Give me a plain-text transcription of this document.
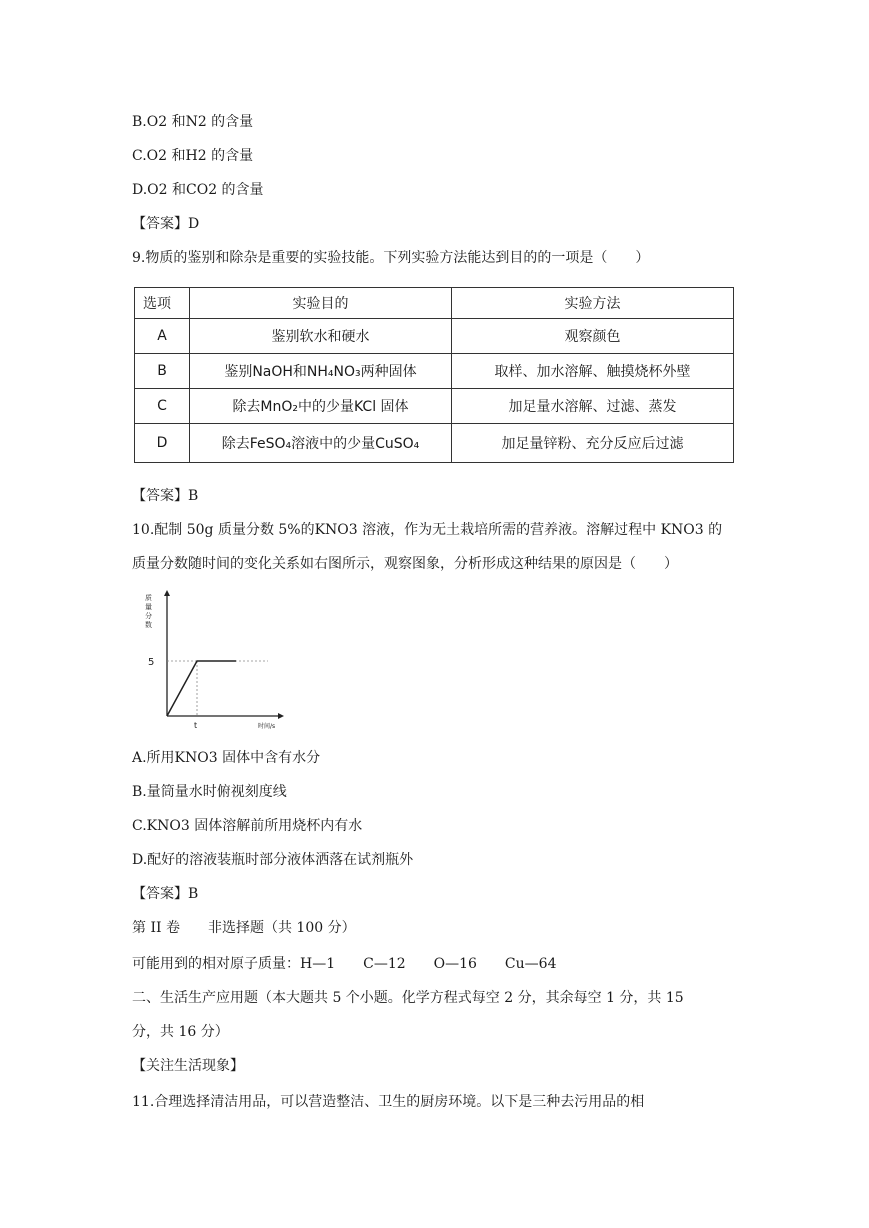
B.O2 和N2 的含量
C.O2 和H2 的含量
D.O2 和CO2 的含量
【答案】D
9.物质的鉴别和除杂是重要的实验技能。下列实验方法能达到目的的一项是（　　）
选项	实验目的	实验方法
A	鉴别软水和硬水	观察颜色
B	鉴别NaOH和NH₄NO₃两种固体	取样、加水溶解、触摸烧杯外壁
C	除去MnO₂中的少量KCl 固体	加足量水溶解、过滤、蒸发
D	除去FeSO₄溶液中的少量CuSO₄	加足量锌粉、充分反应后过滤
【答案】B
10.配制 50g 质量分数 5%的KNO3 溶液，作为无土栽培所需的营养液。溶解过程中 KNO3 的
质量分数随时间的变化关系如右图所示，观察图象，分析形成这种结果的原因是（　　）
5
t	时间/s
质
量
分
数
A.所用KNO3 固体中含有水分
B.量筒量水时俯视刻度线
C.KNO3 固体溶解前所用烧杯内有水
D.配好的溶液装瓶时部分液体洒落在试剂瓶外
【答案】B
第 II 卷　　非选择题（共 100 分）
可能用到的相对原子质量：H—1　　C—12　　O—16　　Cu—64
二、生活生产应用题（本大题共 5 个小题。化学方程式每空 2 分，其余每空 1 分，共 15
分，共 16 分）
【关注生活现象】
11.合理选择清洁用品，可以营造整洁、卫生的厨房环境。以下是三种去污用品的相
